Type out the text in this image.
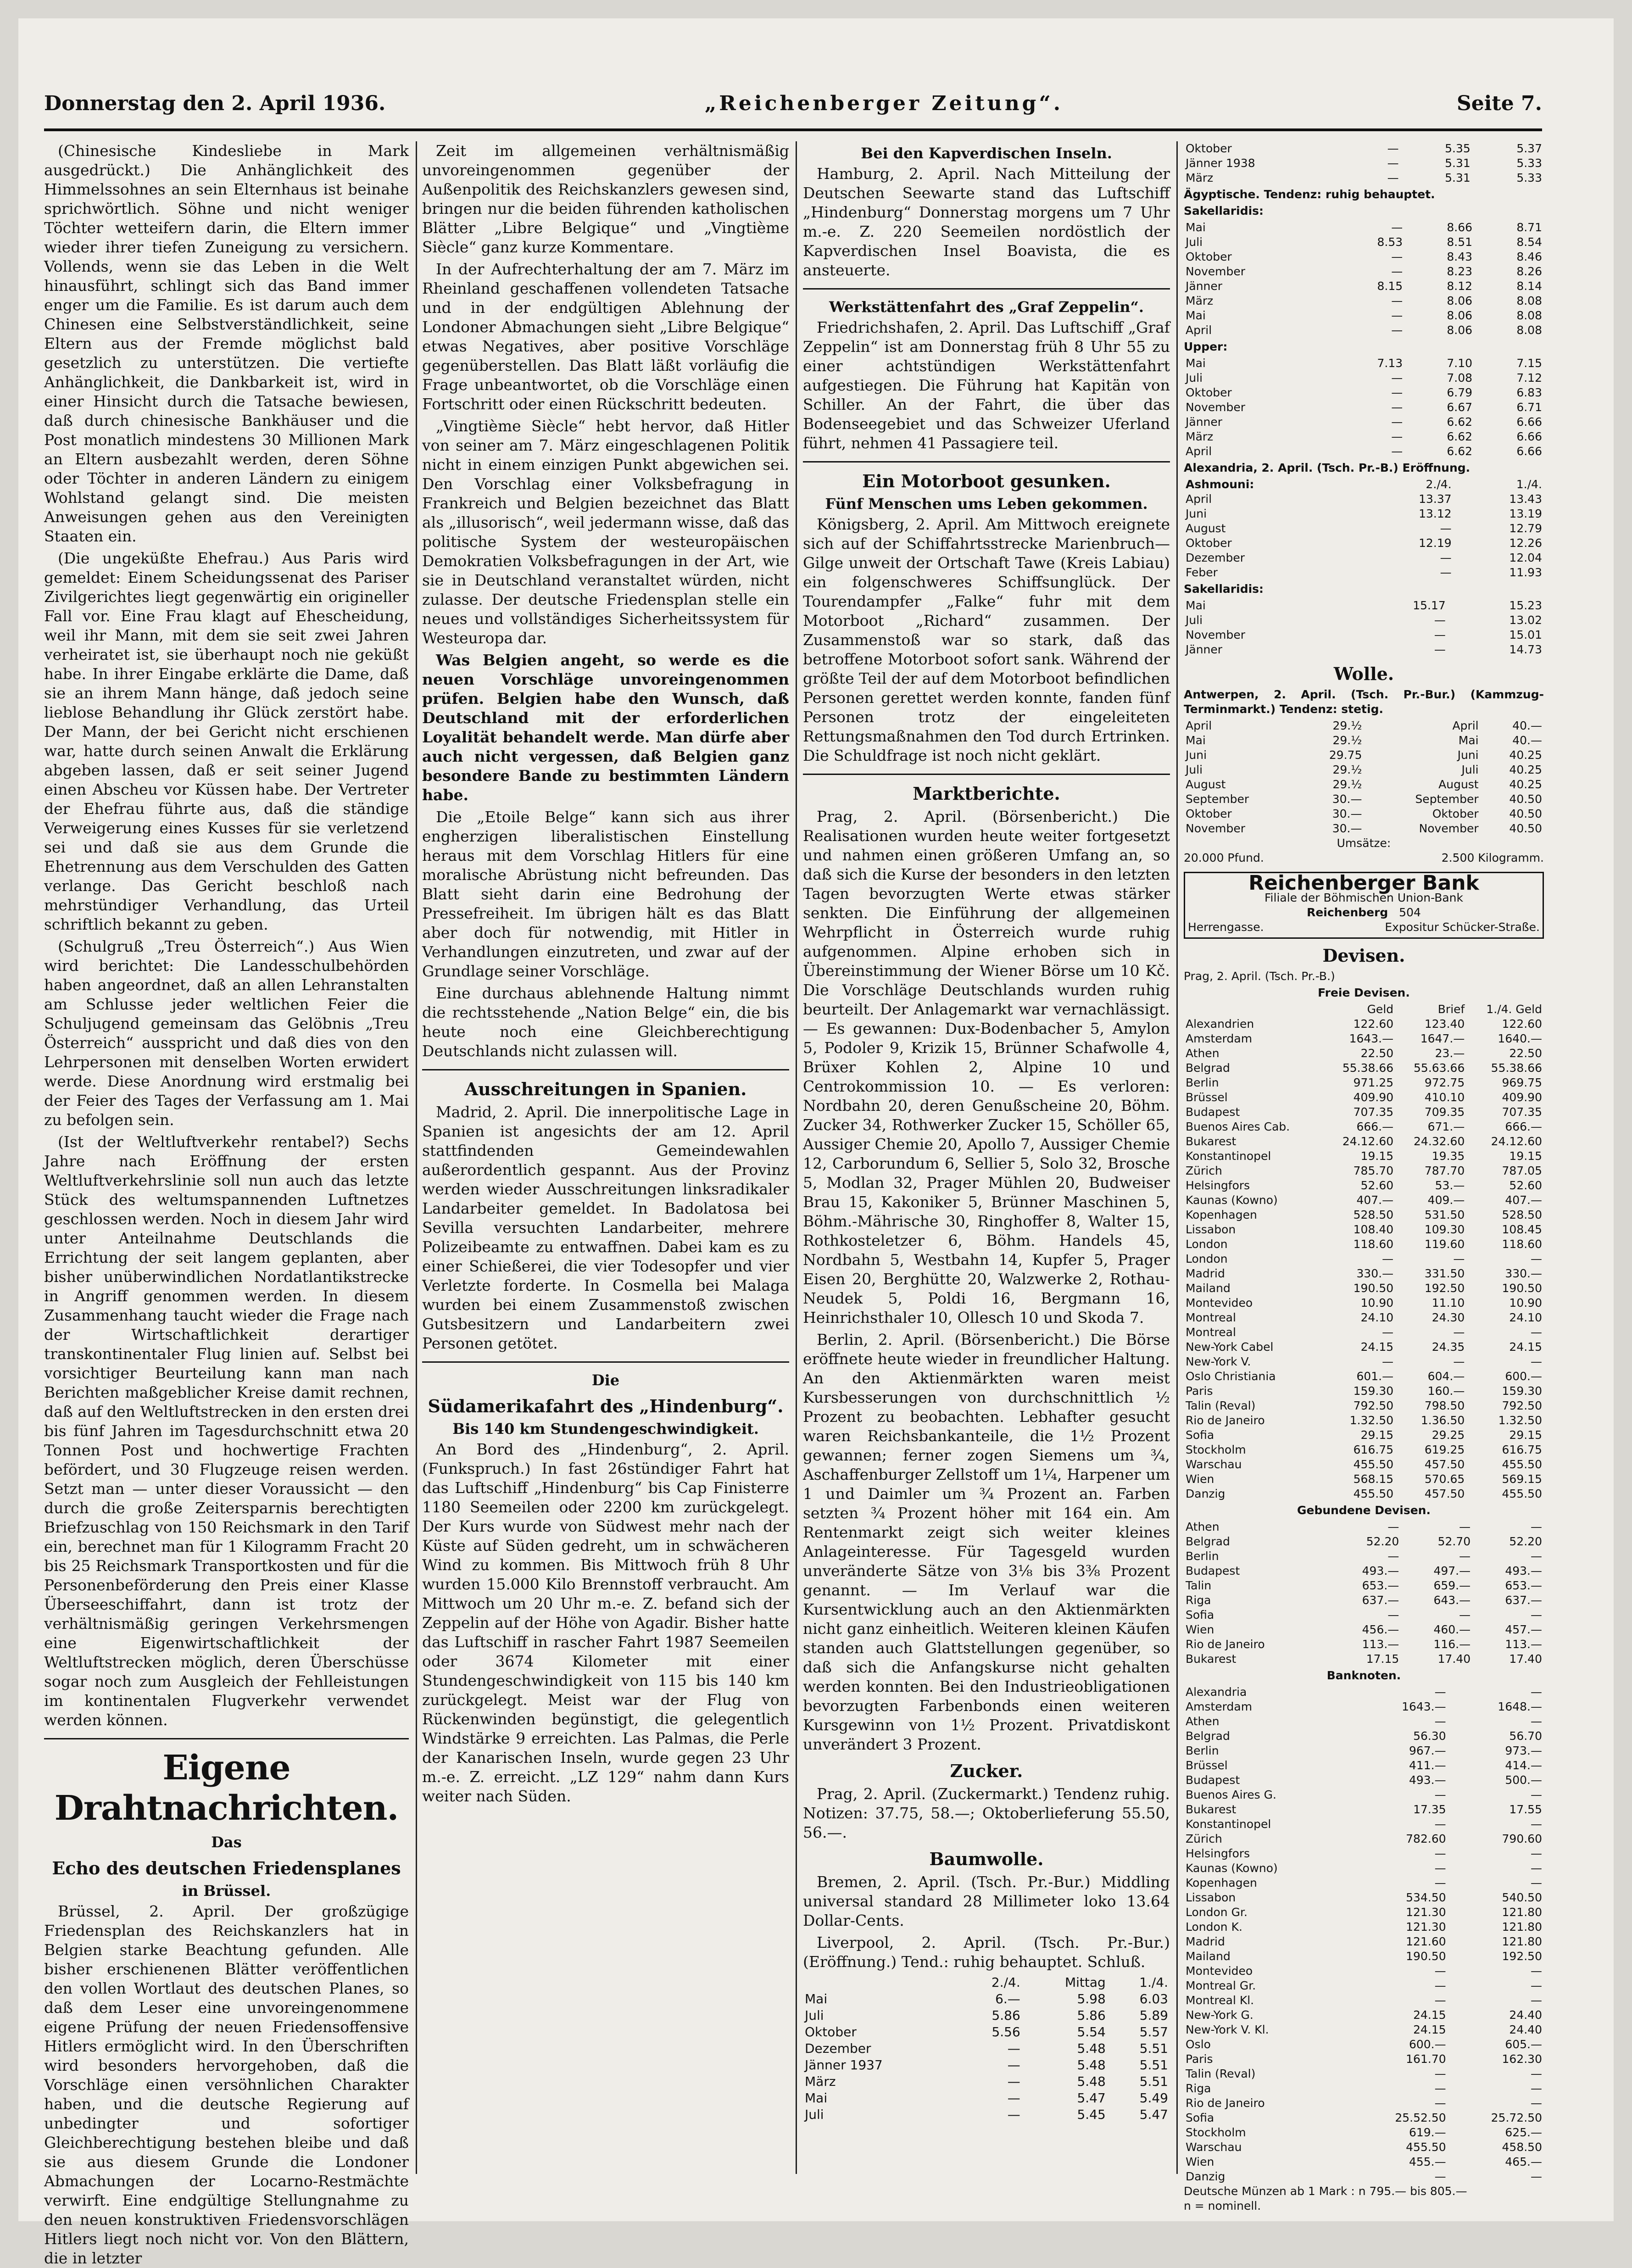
Donnerstag den 2. April 1936.	„Reichenberger Zeitung“.	Seite 7.

(Chinesische Kindesliebe in Mark ausgedrückt.) Die Anhänglichkeit des Himmelssohnes an sein Elternhaus ist beinahe sprichwörtlich. Söhne und nicht weniger Töchter wetteifern darin, die Eltern immer wieder ihrer tiefen Zuneigung zu versichern. Vollends, wenn sie das Leben in die Welt hinausführt, schlingt sich das Band immer enger um die Familie. Es ist darum auch dem Chinesen eine Selbstverständlichkeit, seine Eltern aus der Fremde möglichst bald gesetzlich zu unterstützen. Die vertiefte Anhänglichkeit, die Dankbarkeit ist, wird in einer Hinsicht durch die Tatsache bewiesen, daß durch chinesische Bankhäuser und die Post monatlich mindestens 30 Millionen Mark an Eltern ausbezahlt werden, deren Söhne oder Töchter in anderen Ländern zu einigem Wohlstand gelangt sind. Die meisten Anweisungen gehen aus den Vereinigten Staaten ein.

(Die ungeküßte Ehefrau.) Aus Paris wird gemeldet: Einem Scheidungssenat des Pariser Zivilgerichtes liegt gegenwärtig ein origineller Fall vor. Eine Frau klagt auf Ehescheidung, weil ihr Mann, mit dem sie seit zwei Jahren verheiratet ist, sie überhaupt noch nie geküßt habe. In ihrer Eingabe erklärte die Dame, daß sie an ihrem Mann hänge, daß jedoch seine lieblose Behandlung ihr Glück zerstört habe. Der Mann, der bei Gericht nicht erschienen war, hatte durch seinen Anwalt die Erklärung abgeben lassen, daß er seit seiner Jugend einen Abscheu vor Küssen habe. Der Vertreter der Ehefrau führte aus, daß die ständige Verweigerung eines Kusses für sie verletzend sei und daß sie aus dem Grunde die Ehetrennung aus dem Verschulden des Gatten verlange. Das Gericht beschloß nach mehrstündiger Verhandlung, das Urteil schriftlich bekannt zu geben.

(Schulgruß „Treu Österreich“.) Aus Wien wird berichtet: Die Landesschulbehörden haben angeordnet, daß an allen Lehranstalten am Schlusse jeder weltlichen Feier die Schuljugend gemeinsam das Gelöbnis „Treu Österreich“ ausspricht und daß dies von den Lehrpersonen mit denselben Worten erwidert werde. Diese Anordnung wird erstmalig bei der Feier des Tages der Verfassung am 1. Mai zu befolgen sein.

(Ist der Weltluftverkehr rentabel?) Sechs Jahre nach Eröffnung der ersten Weltluftverkehrslinie soll nun auch das letzte Stück des weltumspannenden Luftnetzes geschlossen werden. Noch in diesem Jahr wird unter Anteilnahme Deutschlands die Errichtung der seit langem geplanten, aber bisher unüberwindlichen Nordatlantikstrecke in Angriff genommen werden. In diesem Zusammenhang taucht wieder die Frage nach der Wirtschaftlichkeit derartiger transkontinentaler Flug linien auf. Selbst bei vorsichtiger Beurteilung kann man nach Berichten maßgeblicher Kreise damit rechnen, daß auf den Weltluftstrecken in den ersten drei bis fünf Jahren im Tagesdurchschnitt etwa 20 Tonnen Post und hochwertige Frachten befördert, und 30 Flugzeuge reisen werden. Setzt man — unter dieser Voraussicht — den durch die große Zeitersparnis berechtigten Briefzuschlag von 150 Reichsmark in den Tarif ein, berechnet man für 1 Kilogramm Fracht 20 bis 25 Reichsmark Transportkosten und für die Personenbeförderung den Preis einer Klasse Überseeschiffahrt, dann ist trotz der verhältnismäßig geringen Verkehrsmengen eine Eigenwirtschaftlichkeit der Weltluftstrecken möglich, deren Überschüsse sogar noch zum Ausgleich der Fehlleistungen im kontinentalen Flugverkehr verwendet werden können.

Eigene Drahtnachrichten.
Das
Echo des deutschen Friedensplanes
in Brüssel.

Brüssel, 2. April. Der großzügige Friedensplan des Reichskanzlers hat in Belgien starke Beachtung gefunden. Alle bisher erschienenen Blätter veröffentlichen den vollen Wortlaut des deutschen Planes, so daß dem Leser eine unvoreingenommene eigene Prüfung der neuen Friedensoffensive Hitlers ermöglicht wird. In den Überschriften wird besonders hervorgehoben, daß die Vorschläge einen versöhnlichen Charakter haben, und die deutsche Regierung auf unbedingter und sofortiger Gleichberechtigung bestehen bleibe und daß sie aus diesem Grunde die Londoner Abmachungen der Locarno-Restmächte verwirft. Eine endgültige Stellungnahme zu den neuen konstruktiven Friedensvorschlägen Hitlers liegt noch nicht vor. Von den Blättern, die in letzter

Zeit im allgemeinen verhältnismäßig unvoreingenommen gegenüber der Außenpolitik des Reichskanzlers gewesen sind, bringen nur die beiden führenden katholischen Blätter „Libre Belgique“ und „Vingtième Siècle“ ganz kurze Kommentare.

In der Aufrechterhaltung der am 7. März im Rheinland geschaffenen vollendeten Tatsache und in der endgültigen Ablehnung der Londoner Abmachungen sieht „Libre Belgique“ etwas Negatives, aber positive Vorschläge gegenüberstellen. Das Blatt läßt vorläufig die Frage unbeantwortet, ob die Vorschläge einen Fortschritt oder einen Rückschritt bedeuten.

„Vingtième Siècle“ hebt hervor, daß Hitler von seiner am 7. März eingeschlagenen Politik nicht in einem einzigen Punkt abgewichen sei. Den Vorschlag einer Volksbefragung in Frankreich und Belgien bezeichnet das Blatt als „illusorisch“, weil jedermann wisse, daß das politische System der westeuropäischen Demokratien Volksbefragungen in der Art, wie sie in Deutschland veranstaltet würden, nicht zulasse. Der deutsche Friedensplan stelle ein neues und vollständiges Sicherheitssystem für Westeuropa dar.

Was Belgien angeht, so werde es die neuen Vorschläge unvoreingenommen prüfen. Belgien habe den Wunsch, daß Deutschland mit der erforderlichen Loyalität behandelt werde. Man dürfe aber auch nicht vergessen, daß Belgien ganz besondere Bande zu bestimmten Ländern habe.

Die „Etoile Belge“ kann sich aus ihrer engherzigen liberalistischen Einstellung heraus mit dem Vorschlag Hitlers für eine moralische Abrüstung nicht befreunden. Das Blatt sieht darin eine Bedrohung der Pressefreiheit. Im übrigen hält es das Blatt aber doch für notwendig, mit Hitler in Verhandlungen einzutreten, und zwar auf der Grundlage seiner Vorschläge.

Eine durchaus ablehnende Haltung nimmt die rechtsstehende „Nation Belge“ ein, die bis heute noch eine Gleichberechtigung Deutschlands nicht zulassen will.

Ausschreitungen in Spanien.

Madrid, 2. April. Die innerpolitische Lage in Spanien ist angesichts der am 12. April stattfindenden Gemeindewahlen außerordentlich gespannt. Aus der Provinz werden wieder Ausschreitungen linksradikaler Landarbeiter gemeldet. In Badolatosa bei Sevilla versuchten Landarbeiter, mehrere Polizeibeamte zu entwaffnen. Dabei kam es zu einer Schießerei, die vier Todesopfer und vier Verletzte forderte. In Cosmella bei Malaga wurden bei einem Zusammenstoß zwischen Gutsbesitzern und Landarbeitern zwei Personen getötet.

Die
Südamerikafahrt des „Hindenburg“.
Bis 140 km Stundengeschwindigkeit.

An Bord des „Hindenburg“, 2. April. (Funkspruch.) In fast 26stündiger Fahrt hat das Luftschiff „Hindenburg“ bis Cap Finisterre 1180 Seemeilen oder 2200 km zurückgelegt. Der Kurs wurde von Südwest mehr nach der Küste auf Süden gedreht, um in schwächeren Wind zu kommen. Bis Mittwoch früh 8 Uhr wurden 15.000 Kilo Brennstoff verbraucht. Am Mittwoch um 20 Uhr m.-e. Z. befand sich der Zeppelin auf der Höhe von Agadir. Bisher hatte das Luftschiff in rascher Fahrt 1987 Seemeilen oder 3674 Kilometer mit einer Stundengeschwindigkeit von 115 bis 140 km zurückgelegt. Meist war der Flug von Rückenwinden begünstigt, die gelegentlich Windstärke 9 erreichten. Las Palmas, die Perle der Kanarischen Inseln, wurde gegen 23 Uhr m.-e. Z. erreicht. „LZ 129“ nahm dann Kurs weiter nach Süden.

Bei den Kapverdischen Inseln.

Hamburg, 2. April. Nach Mitteilung der Deutschen Seewarte stand das Luftschiff „Hindenburg“ Donnerstag morgens um 7 Uhr m.-e. Z. 220 Seemeilen nordöstlich der Kapverdischen Insel Boavista, die es ansteuerte.

Werkstättenfahrt des „Graf Zeppelin“.

Friedrichshafen, 2. April. Das Luftschiff „Graf Zeppelin“ ist am Donnerstag früh 8 Uhr 55 zu einer achtstündigen Werkstättenfahrt aufgestiegen. Die Führung hat Kapitän von Schiller. An der Fahrt, die über das Bodenseegebiet und das Schweizer Uferland führt, nehmen 41 Passagiere teil.

Ein Motorboot gesunken.
Fünf Menschen ums Leben gekommen.

Königsberg, 2. April. Am Mittwoch ereignete sich auf der Schiffahrtsstrecke Marienbruch—Gilge unweit der Ortschaft Tawe (Kreis Labiau) ein folgenschweres Schiffsunglück. Der Tourendampfer „Falke“ fuhr mit dem Motorboot „Richard“ zusammen. Der Zusammenstoß war so stark, daß das betroffene Motorboot sofort sank. Während der größte Teil der auf dem Motorboot befindlichen Personen gerettet werden konnte, fanden fünf Personen trotz der eingeleiteten Rettungsmaßnahmen den Tod durch Ertrinken. Die Schuldfrage ist noch nicht geklärt.

Marktberichte.

Prag, 2. April. (Börsenbericht.) Die Realisationen wurden heute weiter fortgesetzt und nahmen einen größeren Umfang an, so daß sich die Kurse der besonders in den letzten Tagen bevorzugten Werte etwas stärker senkten. Die Einführung der allgemeinen Wehrpflicht in Österreich wurde ruhig aufgenommen. Alpine erhoben sich in Übereinstimmung der Wiener Börse um 10 Kč. Die Vorschläge Deutschlands wurden ruhig beurteilt. Der Anlagemarkt war vernachlässigt. — Es gewannen: Dux-Bodenbacher 5, Amylon 5, Podoler 9, Krizik 15, Brünner Schafwolle 4, Brüxer Kohlen 2, Alpine 10 und Centrokommission 10. — Es verloren: Nordbahn 20, deren Genußscheine 20, Böhm. Zucker 34, Rothwerker Zucker 15, Schöller 65, Aussiger Chemie 20, Apollo 7, Aussiger Chemie 12, Carborundum 6, Sellier 5, Solo 32, Brosche 5, Modlan 32, Prager Mühlen 20, Budweiser Brau 15, Kakoniker 5, Brünner Maschinen 5, Böhm.-Mährische 30, Ringhoffer 8, Walter 15, Rothkosteletzer 6, Böhm. Handels 45, Nordbahn 5, Westbahn 14, Kupfer 5, Prager Eisen 20, Berghütte 20, Walzwerke 2, Rothau-Neudek 5, Poldi 16, Bergmann 16, Heinrichsthaler 10, Ollesch 10 und Skoda 7.

Berlin, 2. April. (Börsenbericht.) Die Börse eröffnete heute wieder in freundlicher Haltung. An den Aktienmärkten waren meist Kursbesserungen von durchschnittlich ½ Prozent zu beobachten. Lebhafter gesucht waren Reichsbankanteile, die 1½ Prozent gewannen; ferner zogen Siemens um ¾, Aschaffenburger Zellstoff um 1¼, Harpener um 1 und Daimler um ¾ Prozent an. Farben setzten ¾ Prozent höher mit 164 ein. Am Rentenmarkt zeigt sich weiter kleines Anlageinteresse. Für Tagesgeld wurden unveränderte Sätze von 3⅛ bis 3⅜ Prozent genannt. — Im Verlauf war die Kursentwicklung auch an den Aktienmärkten nicht ganz einheitlich. Weiteren kleinen Käufen standen auch Glattstellungen gegenüber, so daß sich die Anfangskurse nicht gehalten werden konnten. Bei den Industrieobligationen bevorzugten Farbenbonds einen weiteren Kursgewinn von 1½ Prozent. Privatdiskont unverändert 3 Prozent.

Zucker.

Prag, 2. April. (Zuckermarkt.) Tendenz ruhig. Notizen: 37.75, 58.—; Oktoberlieferung 55.50, 56.—.

Baumwolle.

Bremen, 2. April. (Tsch. Pr.-Bur.) Middling universal standard 28 Millimeter loko 13.64 Dollar-Cents.

Liverpool, 2. April. (Tsch. Pr.-Bur.) (Eröffnung.) Tend.: ruhig behauptet. Schluß.

	2./4.	Mittag	1./4.
Mai	6.—	5.98	6.03
Juli	5.86	5.86	5.89
Oktober	5.56	5.54	5.57
Dezember	—	5.48	5.51
Jänner 1937	—	5.48	5.51
März	—	5.48	5.51
Mai	—	5.47	5.49
Juli	—	5.45	5.47
Oktober	—	5.35	5.37
Jänner 1938	—	5.31	5.33
März	—	5.31	5.33
Ägyptische. Tendenz: ruhig behauptet.
Sakellaridis:
Mai	—	8.66	8.71
Juli	8.53	8.51	8.54
Oktober	—	8.43	8.46
November	—	8.23	8.26
Jänner	8.15	8.12	8.14
März	—	8.06	8.08
Mai	—	8.06	8.08
April	—	8.06	8.08
Upper:
Mai	7.13	7.10	7.15
Juli	—	7.08	7.12
Oktober	—	6.79	6.83
November	—	6.67	6.71
Jänner	—	6.62	6.66
März	—	6.62	6.66
April	—	6.62	6.66
Alexandria, 2. April. (Tsch. Pr.-B.) Eröffnung.
Ashmouni:	2./4.	1./4.
April	13.37	13.43
Juni	13.12	13.19
August	—	12.79
Oktober	12.19	12.26
Dezember	—	12.04
Feber	—	11.93
Sakellaridis:
Mai	15.17	15.23
Juli	—	13.02
November	—	15.01
Jänner	—	14.73
Wolle.
Antwerpen, 2. April. (Tsch. Pr.-Bur.) (Kammzug-Terminmarkt.) Tendenz: stetig.
April	29.½	April	40.—
Mai	29.½	Mai	40.—
Juni	29.75	Juni	40.25
Juli	29.½	Juli	40.25
August	29.½	August	40.25
September	30.—	September	40.50
Oktober	30.—	Oktober	40.50
November	30.—	November	40.50
Umsätze:
20.000 Pfund.	2.500 Kilogramm.
Reichenberger Bank
Filiale der Böhmischen Union-Bank
Reichenberg 504
Herrengasse.	Expositur Schücker-Straße.
Devisen.
Prag, 2. April. (Tsch. Pr.-B.)
Freie Devisen.
	Geld	Brief	1./4. Geld
Alexandrien	122.60	123.40	122.60
Amsterdam	1643.—	1647.—	1640.—
Athen	22.50	23.—	22.50
Belgrad	55.38.66	55.63.66	55.38.66
Berlin	971.25	972.75	969.75
Brüssel	409.90	410.10	409.90
Budapest	707.35	709.35	707.35
Buenos Aires Cab.	666.—	671.—	666.—
Bukarest	24.12.60	24.32.60	24.12.60
Konstantinopel	19.15	19.35	19.15
Zürich	785.70	787.70	787.05
Helsingfors	52.60	53.—	52.60
Kaunas (Kowno)	407.—	409.—	407.—
Kopenhagen	528.50	531.50	528.50
Lissabon	108.40	109.30	108.45
London	118.60	119.60	118.60
London	—	—	—
Madrid	330.—	331.50	330.—
Mailand	190.50	192.50	190.50
Montevideo	10.90	11.10	10.90
Montreal	24.10	24.30	24.10
Montreal	—	—	—
New-York Cabel	24.15	24.35	24.15
New-York V.	—	—	—
Oslo Christiania	601.—	604.—	600.—
Paris	159.30	160.—	159.30
Talin (Reval)	792.50	798.50	792.50
Rio de Janeiro	1.32.50	1.36.50	1.32.50
Sofia	29.15	29.25	29.15
Stockholm	616.75	619.25	616.75
Warschau	455.50	457.50	455.50
Wien	568.15	570.65	569.15
Danzig	455.50	457.50	455.50
Gebundene Devisen.
Athen	—	—	—
Belgrad	52.20	52.70	52.20
Berlin	—	—	—
Budapest	493.—	497.—	493.—
Talin	653.—	659.—	653.—
Riga	637.—	643.—	637.—
Sofia	—	—	—
Wien	456.—	460.—	457.—
Rio de Janeiro	113.—	116.—	113.—
Bukarest	17.15	17.40	17.40
Banknoten.
Alexandria	—	—
Amsterdam	1643.—	1648.—
Athen	—	—
Belgrad	56.30	56.70
Berlin	967.—	973.—
Brüssel	411.—	414.—
Budapest	493.—	500.—
Buenos Aires G.	—	—
Bukarest	17.35	17.55
Konstantinopel	—	—
Zürich	782.60	790.60
Helsingfors	—	—
Kaunas (Kowno)	—	—
Kopenhagen	—	—
Lissabon	534.50	540.50
London Gr.	121.30	121.80
London K.	121.30	121.80
Madrid	121.60	121.80
Mailand	190.50	192.50
Montevideo	—	—
Montreal Gr.	—	—
Montreal Kl.	—	—
New-York G.	24.15	24.40
New-York V. Kl.	24.15	24.40
Oslo	600.—	605.—
Paris	161.70	162.30
Talin (Reval)	—	—
Riga	—	—
Rio de Janeiro	—	—
Sofia	25.52.50	25.72.50
Stockholm	619.—	625.—
Warschau	455.50	458.50
Wien	455.—	465.—
Danzig	—	—
Deutsche Münzen ab 1 Mark : n 795.— bis 805.—
n = nominell.
